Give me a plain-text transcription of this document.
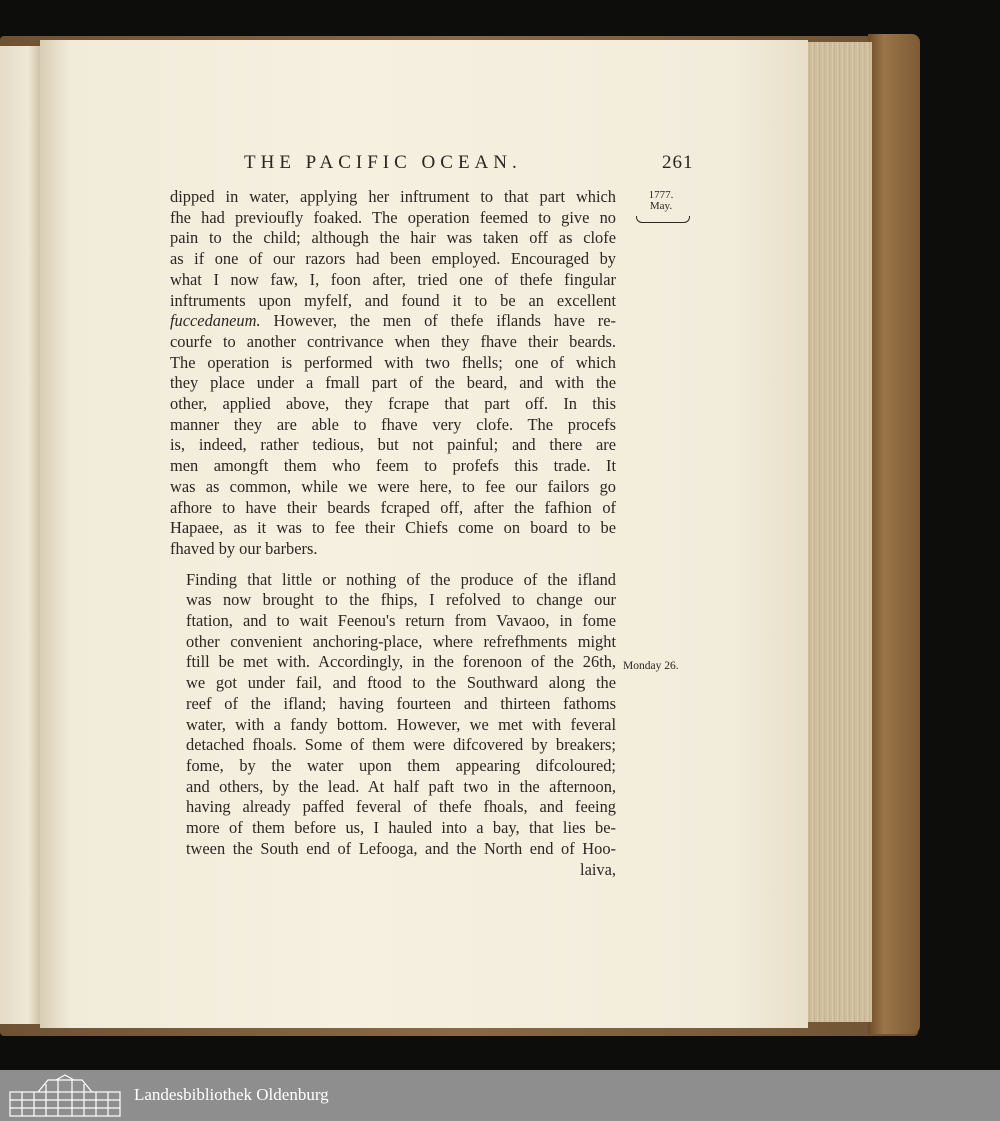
THE PACIFIC OCEAN.	261
1777.
May.
Monday 26.

dipped in water, applying her inftrument to that part which
fhe had previoufly foaked. The operation feemed to give no
pain to the child; although the hair was taken off as clofe
as if one of our razors had been employed. Encouraged by
what I now faw, I, foon after, tried one of thefe fingular
inftruments upon myfelf, and found it to be an excellent
fuccedaneum. However, the men of thefe iflands have re-
courfe to another contrivance when they fhave their beards.
The operation is performed with two fhells; one of which
they place under a fmall part of the beard, and with the
other, applied above, they fcrape that part off. In this
manner they are able to fhave very clofe. The procefs
is, indeed, rather tedious, but not painful; and there are
men amongft them who feem to profefs this trade. It
was as common, while we were here, to fee our failors go
afhore to have their beards fcraped off, after the fafhion of
Hapaee, as it was to fee their Chiefs come on board to be
fhaved by our barbers.

Finding that little or nothing of the produce of the ifland
was now brought to the fhips, I refolved to change our
ftation, and to wait Feenou's return from Vavaoo, in fome
other convenient anchoring-place, where refrefhments might
ftill be met with. Accordingly, in the forenoon of the 26th,
we got under fail, and ftood to the Southward along the
reef of the ifland; having fourteen and thirteen fathoms
water, with a fandy bottom. However, we met with feveral
detached fhoals. Some of them were difcovered by breakers;
fome, by the water upon them appearing difcoloured;
and others, by the lead. At half paft two in the afternoon,
having already paffed feveral of thefe fhoals, and feeing
more of them before us, I hauled into a bay, that lies be-
tween the South end of Lefooga, and the North end of Hoo-

laiva,
Landesbibliothek Oldenburg
